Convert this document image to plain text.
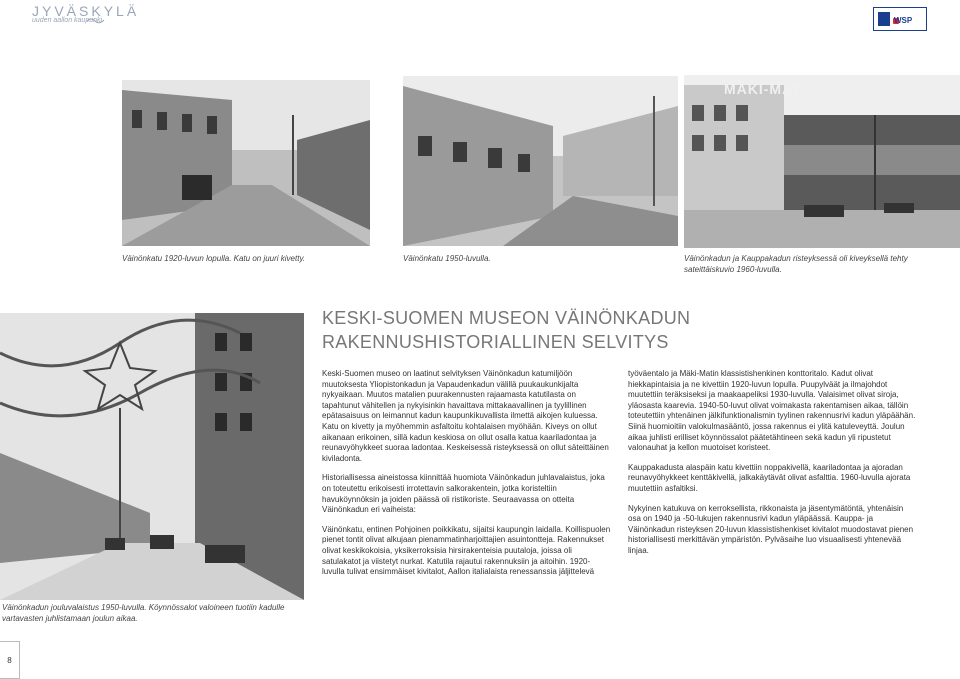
JYVÄSKYLÄ
uuden aallon kaupunki	WSP
Väinönkatu 1920-luvun lopulla. Katu on juuri kivetty.	Väinönkatu 1950-luvulla.
MÄKI-MATTI
Väinönkadun ja Kauppakadun risteyksessä oli kiveyksellä tehty sateittäiskuvio 1960-luvulla.
Väinönkadun jouluvalaistus 1950-luvulla. Köynnössalot valoineen tuotiin kadulle vartavasten juhlistamaan joulun aikaa.
KESKI-SUOMEN MUSEON VÄINÖNKADUN
RAKENNUSHISTORIALLINEN SELVITYS

Keski-Suomen museo on laatinut selvityksen Väinönkadun katumiljöön muutoksesta Yliopistonkadun ja Vapaudenkadun välillä puukaukunkijalta nykyaikaan. Muutos matalien puurakennusten rajaamasta katutilasta on tapahtunut vähitellen ja nykyisinkin havaittava mittakaavallinen ja tyylillinen epätasaisuus on leimannut kadun kaupunkikuvallista ilmettä aikojen kuluessa. Katu on kivetty ja myöhemmin asfaltoitu kohtalaisen myöhään. Kiveys on ollut aikanaan erikoinen, sillä kadun keskiosa on ollut osalla katua kaariladontaa ja reunavyöhykkeet suoraa ladontaa. Keskeisessä risteyksessä on ollut säteittäinen kiviladonta.

Historiallisessa aineistossa kiinnittää huomiota Väinönkadun juhlavalaistus, joka on toteutettu erikoisesti irrotettavin salkorakentein, jotka koristeltiin havuköynnöksin ja joiden päässä oli ristikoriste. Seuraavassa on otteita Väinönkadun eri vaiheista:

Väinönkatu, entinen Pohjoinen poikkikatu, sijaitsi kaupungin laidalla. Koillispuolen pienet tontit olivat alkujaan pienammatinharjoittajien asuintontteja. Rakennukset olivat keskikokoisia, yksikerroksisia hirsirakenteisia puutaloja, joissa oli satulakatot ja viistetyt nurkat. Katutila rajautui rakennuksiin ja aitoihin. 1920-luvulla tulivat ensimmäiset kivitalot, Aallon italialaista renessanssia jäljittelevä

työväentalo ja Mäki-Matin klassistishenkinen konttoritalo. Kadut olivat hiekkapintaisia ja ne kivettiin 1920-luvun lopulla. Puupylväät ja ilmajohdot muutettiin teräksiseksi ja maakaapeliksi 1930-luvulla. Valaisimet olivat siroja, yläosasta kaarevia. 1940-50-luvut olivat voimakasta rakentamisen aikaa, tällöin toteutettiin yhtenäinen jälkifunktionalismin tyylinen rakennusrivi kadun yläpäähän. Siinä huomioitiin valokulmasääntö, jossa rakennus ei ylitä katuleveyttä. Joulun aikaa juhlisti erilliset köynnössalot päätetähtineen sekä kadun yli ripustetut valonauhat ja kellon muotoiset koristeet.

Kauppakadusta alaspäin katu kivettiin noppakivellä, kaariladontaa ja ajoradan reunavyöhykkeet kenttäkivellä, jalkakäytävät olivat asfalttia. 1960-luvulla ajorata muutettiin asfaltiksi.

Nykyinen katukuva on kerroksellista, rikkonaista ja jäsentymätöntä, yhtenäisin osa on 1940 ja -50-lukujen rakennusrivi kadun yläpäässä. Kauppa- ja Väinönkadun risteyksen 20-luvun klassistishenkiset kivitalot muodostavat pienen historiallisesti merkittävän ympäristön. Pylväsaihe luo visuaalisesti yhtenevää linjaa.

8
